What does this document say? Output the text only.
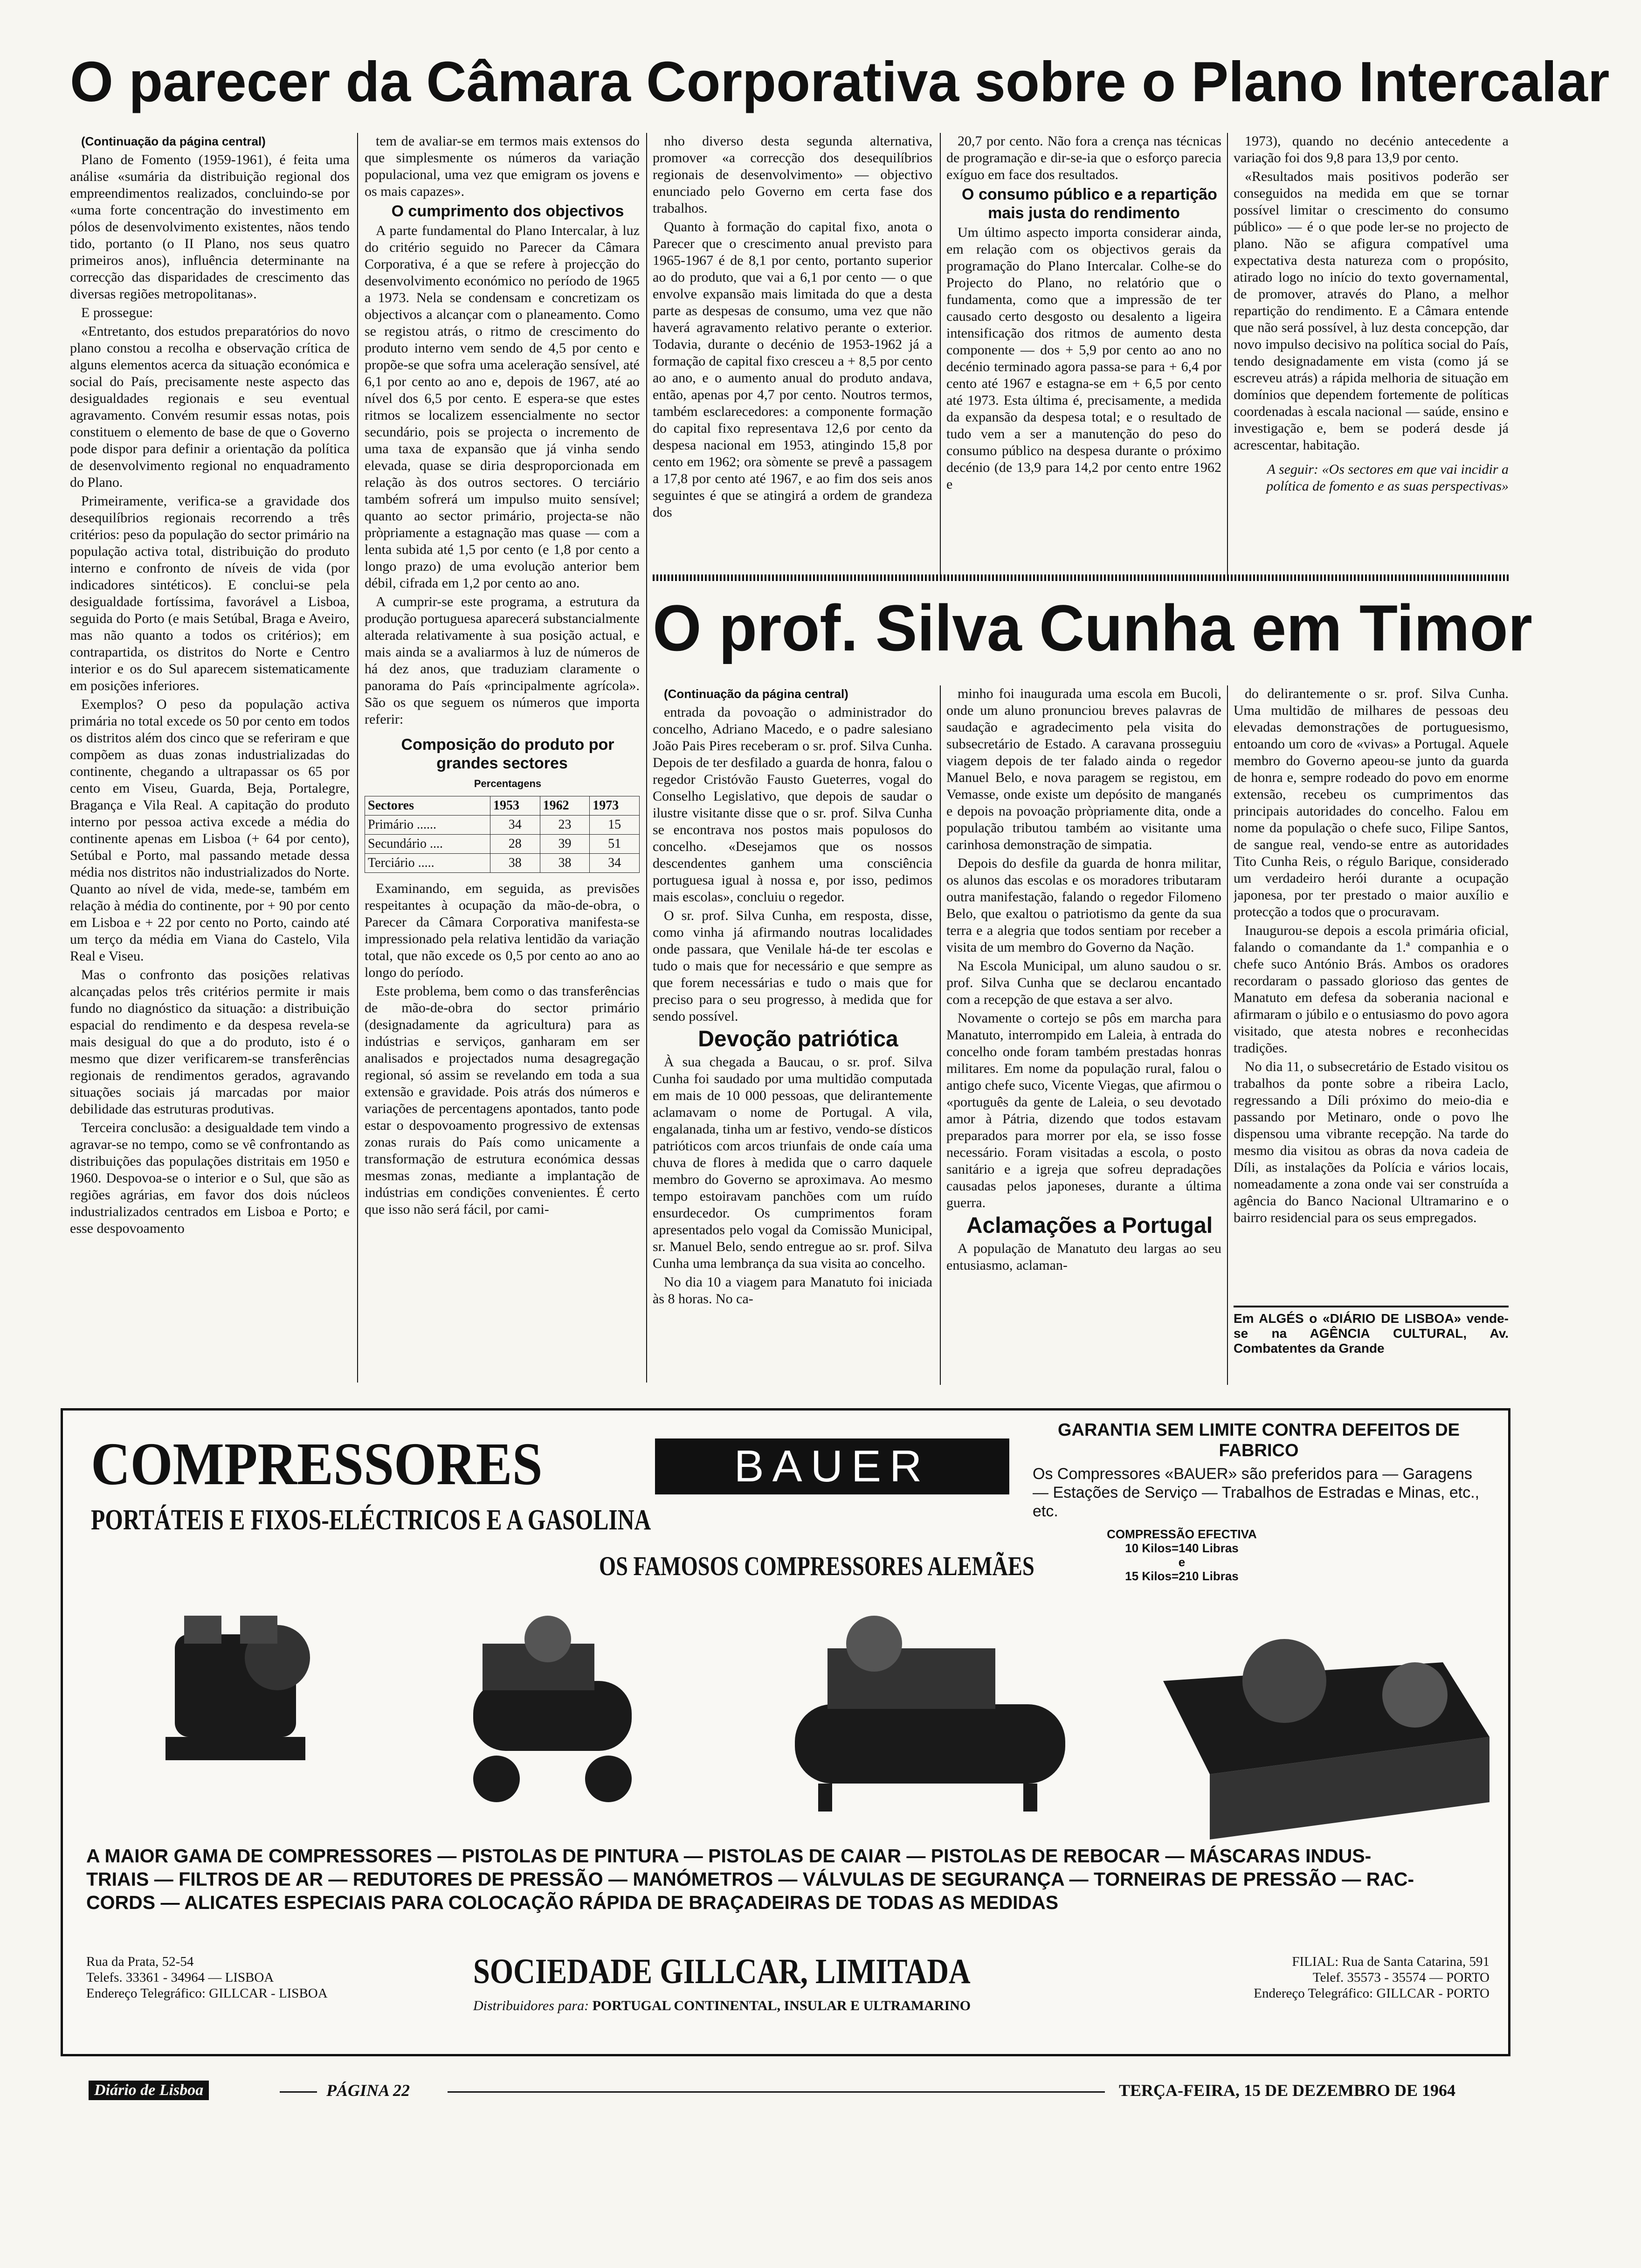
O parecer da Câmara Corporativa sobre o Plano Intercalar

(Continuação da página central)

Plano de Fomento (1959-1961), é feita uma análise «sumária da distribuição regional dos empreendimentos realizados, concluindo-se por «uma forte concentração do investimento em pólos de desenvolvimento existentes, nãos tendo tido, portanto (o II Plano, nos seus quatro primeiros anos), influência determinante na correcção das disparidades de crescimento das diversas regiões metropolitanas».

E prossegue:

«Entretanto, dos estudos preparatórios do novo plano constou a recolha e observação crítica de alguns elementos acerca da situação económica e social do País, precisamente neste aspecto das desigualdades regionais e seu eventual agravamento. Convém resumir essas notas, pois constituem o elemento de base de que o Governo pode dispor para definir a orientação da política de desenvolvimento regional no enquadramento do Plano.

Primeiramente, verifica-se a gravidade dos desequilíbrios regionais recorrendo a três critérios: peso da população do sector primário na população activa total, distribuição do produto interno e confronto de níveis de vida (por indicadores sintéticos). E conclui-se pela desigualdade fortíssima, favorável a Lisboa, seguida do Porto (e mais Setúbal, Braga e Aveiro, mas não quanto a todos os critérios); em contrapartida, os distritos do Norte e Centro interior e os do Sul aparecem sistematicamente em posições inferiores.

Exemplos? O peso da população activa primária no total excede os 50 por cento em todos os distritos além dos cinco que se referiram e que compõem as duas zonas industrializadas do continente, chegando a ultrapassar os 65 por cento em Viseu, Guarda, Beja, Portalegre, Bragança e Vila Real. A capitação do produto interno por pessoa activa excede a média do continente apenas em Lisboa (+ 64 por cento), Setúbal e Porto, mal passando metade dessa média nos distritos não industrializados do Norte. Quanto ao nível de vida, mede-se, também em relação à média do continente, por + 90 por cento em Lisboa e + 22 por cento no Porto, caindo até um terço da média em Viana do Castelo, Vila Real e Viseu.

Mas o confronto das posições relativas alcançadas pelos três critérios permite ir mais fundo no diagnóstico da situação: a distribuição espacial do rendimento e da despesa revela-se mais desigual do que a do produto, isto é o mesmo que dizer verificarem-se transferências regionais de rendimentos gerados, agravando situações sociais já marcadas por maior debilidade das estruturas produtivas.

Terceira conclusão: a desigualdade tem vindo a agravar-se no tempo, como se vê confrontando as distribuições das populações distritais em 1950 e 1960. Despovoa-se o interior e o Sul, que são as regiões agrárias, em favor dos dois núcleos industrializados centrados em Lisboa e Porto; e esse despovoamento

tem de avaliar-se em termos mais extensos do que simplesmente os números da variação populacional, uma vez que emigram os jovens e os mais capazes».

O cumprimento dos objectivos

A parte fundamental do Plano Intercalar, à luz do critério seguido no Parecer da Câmara Corporativa, é a que se refere à projecção do desenvolvimento económico no período de 1965 a 1973. Nela se condensam e concretizam os objectivos a alcançar com o planeamento. Como se registou atrás, o ritmo de crescimento do produto interno vem sendo de 4,5 por cento e propõe-se que sofra uma aceleração sensível, até 6,1 por cento ao ano e, depois de 1967, até ao nível dos 6,5 por cento. E espera-se que estes ritmos se localizem essencialmente no sector secundário, pois se projecta o incremento de uma taxa de expansão que já vinha sendo elevada, quase se diria desproporcionada em relação às dos outros sectores. O terciário também sofrerá um impulso muito sensível; quanto ao sector primário, projecta-se não pròpriamente a estagnação mas quase — com a lenta subida até 1,5 por cento (e 1,8 por cento a longo prazo) de uma evolução anterior bem débil, cifrada em 1,2 por cento ao ano.

A cumprir-se este programa, a estrutura da produção portuguesa aparecerá substancialmente alterada relativamente à sua posição actual, e mais ainda se a avaliarmos à luz de números de há dez anos, que traduziam claramente o panorama do País «principalmente agrícola». São os que seguem os números que importa referir:

Composição do produto por grandes sectores

Percentagens

Sectores	1953	1962	1973
Primário ......	34	23	15
Secundário ....	28	39	51
Terciário .....	38	38	34

Examinando, em seguida, as previsões respeitantes à ocupação da mão-de-obra, o Parecer da Câmara Corporativa manifesta-se impressionado pela relativa lentidão da variação total, que não excede os 0,5 por cento ao ano ao longo do período.

Este problema, bem como o das transferências de mão-de-obra do sector primário (designadamente da agricultura) para as indústrias e serviços, ganharam em ser analisados e projectados numa desagregação regional, só assim se revelando em toda a sua extensão e gravidade. Pois atrás dos números e variações de percentagens apontados, tanto pode estar o despovoamento progressivo de extensas zonas rurais do País como unicamente a transformação de estrutura económica dessas mesmas zonas, mediante a implantação de indústrias em condições convenientes. É certo que isso não será fácil, por cami-

nho diverso desta segunda alternativa, promover «a correcção dos desequilíbrios regionais de desenvolvimento» — objectivo enunciado pelo Governo em certa fase dos trabalhos.

Quanto à formação do capital fixo, anota o Parecer que o crescimento anual previsto para 1965-1967 é de 8,1 por cento, portanto superior ao do produto, que vai a 6,1 por cento — o que envolve expansão mais limitada do que a desta parte as despesas de consumo, uma vez que não haverá agravamento relativo perante o exterior. Todavia, durante o decénio de 1953-1962 já a formação de capital fixo cresceu a + 8,5 por cento ao ano, e o aumento anual do produto andava, então, apenas por 4,7 por cento. Noutros termos, também esclarecedores: a componente formação do capital fixo representava 12,6 por cento da despesa nacional em 1953, atingindo 15,8 por cento em 1962; ora sòmente se prevê a passagem a 17,8 por cento até 1967, e ao fim dos seis anos seguintes é que se atingirá a ordem de grandeza dos

20,7 por cento. Não fora a crença nas técnicas de programação e dir-se-ia que o esforço parecia exíguo em face dos resultados.

O consumo público e a repartição mais justa do rendimento

Um último aspecto importa considerar ainda, em relação com os objectivos gerais da programação do Plano Intercalar. Colhe-se do Projecto do Plano, no relatório que o fundamenta, como que a impressão de ter causado certo desgosto ou desalento a ligeira intensificação dos ritmos de aumento desta componente — dos + 5,9 por cento ao ano no decénio terminado agora passa-se para + 6,4 por cento até 1967 e estagna-se em + 6,5 por cento até 1973. Esta última é, precisamente, a medida da expansão da despesa total; e o resultado de tudo vem a ser a manutenção do peso do consumo público na despesa durante o próximo decénio (de 13,9 para 14,2 por cento entre 1962 e

1973), quando no decénio antecedente a variação foi dos 9,8 para 13,9 por cento.

«Resultados mais positivos poderão ser conseguidos na medida em que se tornar possível limitar o crescimento do consumo público» — é o que pode ler-se no projecto de plano. Não se afigura compatível uma expectativa desta natureza com o propósito, atirado logo no início do texto governamental, de promover, através do Plano, a melhor repartição do rendimento. E a Câmara entende que não será possível, à luz desta concepção, dar novo impulso decisivo na política social do País, tendo designadamente em vista (como já se escreveu atrás) a rápida melhoria de situação em domínios que dependem fortemente de políticas coordenadas à escala nacional — saúde, ensino e investigação e, bem se poderá desde já acrescentar, habitação.

A seguir: «Os sectores em que vai incidir a política de fomento e as suas perspectivas»

O prof. Silva Cunha em Timor

(Continuação da página central)

entrada da povoação o administrador do concelho, Adriano Macedo, e o padre salesiano João Pais Pires receberam o sr. prof. Silva Cunha. Depois de ter desfilado a guarda de honra, falou o regedor Cristóvão Fausto Gueterres, vogal do Conselho Legislativo, que depois de saudar o ilustre visitante disse que o sr. prof. Silva Cunha se encontrava nos postos mais populosos do concelho. «Desejamos que os nossos descendentes ganhem uma consciência portuguesa igual à nossa e, por isso, pedimos mais escolas», concluiu o regedor.

O sr. prof. Silva Cunha, em resposta, disse, como vinha já afirmando noutras localidades onde passara, que Venilale há-de ter escolas e tudo o mais que for necessário e que sempre as que forem necessárias e tudo o mais que for preciso para o seu progresso, à medida que for sendo possível.

Devoção patriótica

À sua chegada a Baucau, o sr. prof. Silva Cunha foi saudado por uma multidão computada em mais de 10 000 pessoas, que delirantemente aclamavam o nome de Portugal. A vila, engalanada, tinha um ar festivo, vendo-se dísticos patrióticos com arcos triunfais de onde caía uma chuva de flores à medida que o carro daquele membro do Governo se aproximava. Ao mesmo tempo estoiravam panchões com um ruído ensurdecedor. Os cumprimentos foram apresentados pelo vogal da Comissão Municipal, sr. Manuel Belo, sendo entregue ao sr. prof. Silva Cunha uma lembrança da sua visita ao concelho.

No dia 10 a viagem para Manatuto foi iniciada às 8 horas. No ca-

minho foi inaugurada uma escola em Bucoli, onde um aluno pronunciou breves palavras de saudação e agradecimento pela visita do subsecretário de Estado. A caravana prosseguiu viagem depois de ter falado ainda o regedor Manuel Belo, e nova paragem se registou, em Vemasse, onde existe um depósito de manganés e depois na povoação pròpriamente dita, onde a população tributou também ao visitante uma carinhosa demonstração de simpatia.

Depois do desfile da guarda de honra militar, os alunos das escolas e os moradores tributaram outra manifestação, falando o regedor Filomeno Belo, que exaltou o patriotismo da gente da sua terra e a alegria que todos sentiam por receber a visita de um membro do Governo da Nação.

Na Escola Municipal, um aluno saudou o sr. prof. Silva Cunha que se declarou encantado com a recepção de que estava a ser alvo.

Novamente o cortejo se pôs em marcha para Manatuto, interrompido em Laleia, à entrada do concelho onde foram também prestadas honras militares. Em nome da população rural, falou o antigo chefe suco, Vicente Viegas, que afirmou o «português da gente de Laleia, o seu devotado amor à Pátria, dizendo que todos estavam preparados para morrer por ela, se isso fosse necessário. Foram visitadas a escola, o posto sanitário e a igreja que sofreu depradações causadas pelos japoneses, durante a última guerra.

Aclamações a Portugal

A população de Manatuto deu largas ao seu entusiasmo, aclaman-

do delirantemente o sr. prof. Silva Cunha. Uma multidão de milhares de pessoas deu elevadas demonstrações de portuguesismo, entoando um coro de «vivas» a Portugal. Aquele membro do Governo apeou-se junto da guarda de honra e, sempre rodeado do povo em enorme extensão, recebeu os cumprimentos das principais autoridades do concelho. Falou em nome da população o chefe suco, Filipe Santos, de sangue real, vendo-se entre as autoridades Tito Cunha Reis, o régulo Barique, considerado um verdadeiro herói durante a ocupação japonesa, por ter prestado o maior auxílio e protecção a todos que o procuravam.

Inaugurou-se depois a escola primária oficial, falando o comandante da 1.ª companhia e o chefe suco António Brás. Ambos os oradores recordaram o passado glorioso das gentes de Manatuto em defesa da soberania nacional e afirmaram o júbilo e o entusiasmo do povo agora visitado, que atesta nobres e reconhecidas tradições.

No dia 11, o subsecretário de Estado visitou os trabalhos da ponte sobre a ribeira Laclo, regressando a Díli próximo do meio-dia e passando por Metinaro, onde o povo lhe dispensou uma vibrante recepção. Na tarde do mesmo dia visitou as obras da nova cadeia de Díli, as instalações da Polícia e vários locais, nomeadamente a zona onde vai ser construída a agência do Banco Nacional Ultramarino e o bairro residencial para os seus empregados.

Em ALGÉS o «DIÁRIO DE LISBOA» vende-se na AGÊNCIA CULTURAL, Av. Combatentes da Grande
COMPRESSORES	BAUER
PORTÁTEIS E FIXOS-ELÉCTRICOS E A GASOLINA
OS FAMOSOS COMPRESSORES ALEMÃES
GARANTIA SEM LIMITE CONTRA DEFEITOS DE FABRICO
Os Compressores «BAUER» são preferidos para — Garagens — Estações de Serviço — Trabalhos de Estradas e Minas, etc., etc.
COMPRESSÃO EFECTIVA
10 Kilos=140 Libras
e
15 Kilos=210 Libras
A MAIOR GAMA DE COMPRESSORES — PISTOLAS DE PINTURA — PISTOLAS DE CAIAR — PISTOLAS DE REBOCAR — MÁSCARAS INDUS-
TRIAIS — FILTROS DE AR — REDUTORES DE PRESSÃO — MANÓMETROS — VÁLVULAS DE SEGURANÇA — TORNEIRAS DE PRESSÃO — RAC-
CORDS — ALICATES ESPECIAIS PARA COLOCAÇÃO RÁPIDA DE BRAÇADEIRAS DE TODAS AS MEDIDAS
Rua da Prata, 52-54
Telefs. 33361 - 34964 — LISBOA
Endereço Telegráfico: GILLCAR - LISBOA
SOCIEDADE GILLCAR, LIMITADA
Distribuidores para: PORTUGAL CONTINENTAL, INSULAR E ULTRAMARINO
FILIAL: Rua de Santa Catarina, 591
Telef. 35573 - 35574 — PORTO
Endereço Telegráfico: GILLCAR - PORTO
Diário de Lisboa	PÁGINA 22	TERÇA-FEIRA, 15 DE DEZEMBRO DE 1964
